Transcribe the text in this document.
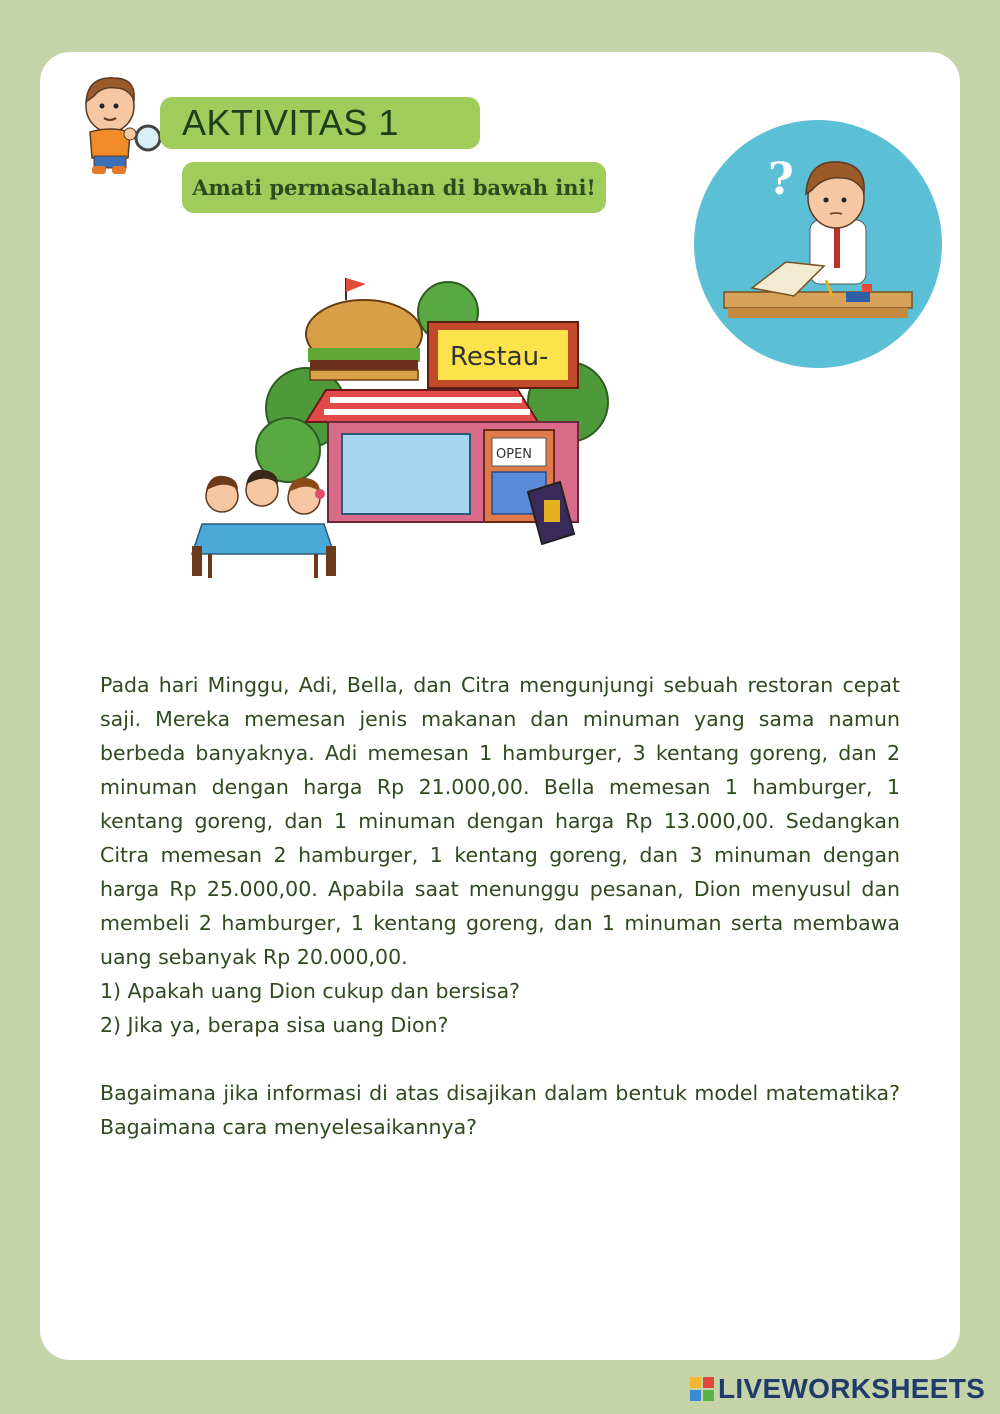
AKTIVITAS 1
Amati permasalahan di bawah ini!	?
Restau-
OPEN

Pada hari Minggu, Adi, Bella, dan Citra mengunjungi sebuah restoran cepat saji. Mereka memesan jenis makanan dan minuman yang sama namun berbeda banyaknya. Adi memesan 1 hamburger, 3 kentang goreng, dan 2 minuman dengan harga Rp 21.000,00. Bella memesan 1 hamburger, 1 kentang goreng, dan 1 minuman dengan harga Rp 13.000,00. Sedangkan Citra memesan 2 hamburger, 1 kentang goreng, dan 3 minuman dengan harga Rp 25.000,00. Apabila saat menunggu pesanan, Dion menyusul dan membeli 2 hamburger, 1 kentang goreng, dan 1 minuman serta membawa uang sebanyak Rp 20.000,00.

1) Apakah uang Dion cukup dan bersisa?

2) Jika ya, berapa sisa uang Dion?

Bagaimana jika informasi di atas disajikan dalam bentuk model matematika? Bagaimana cara menyelesaikannya?

LIVEWORKSHEETS
